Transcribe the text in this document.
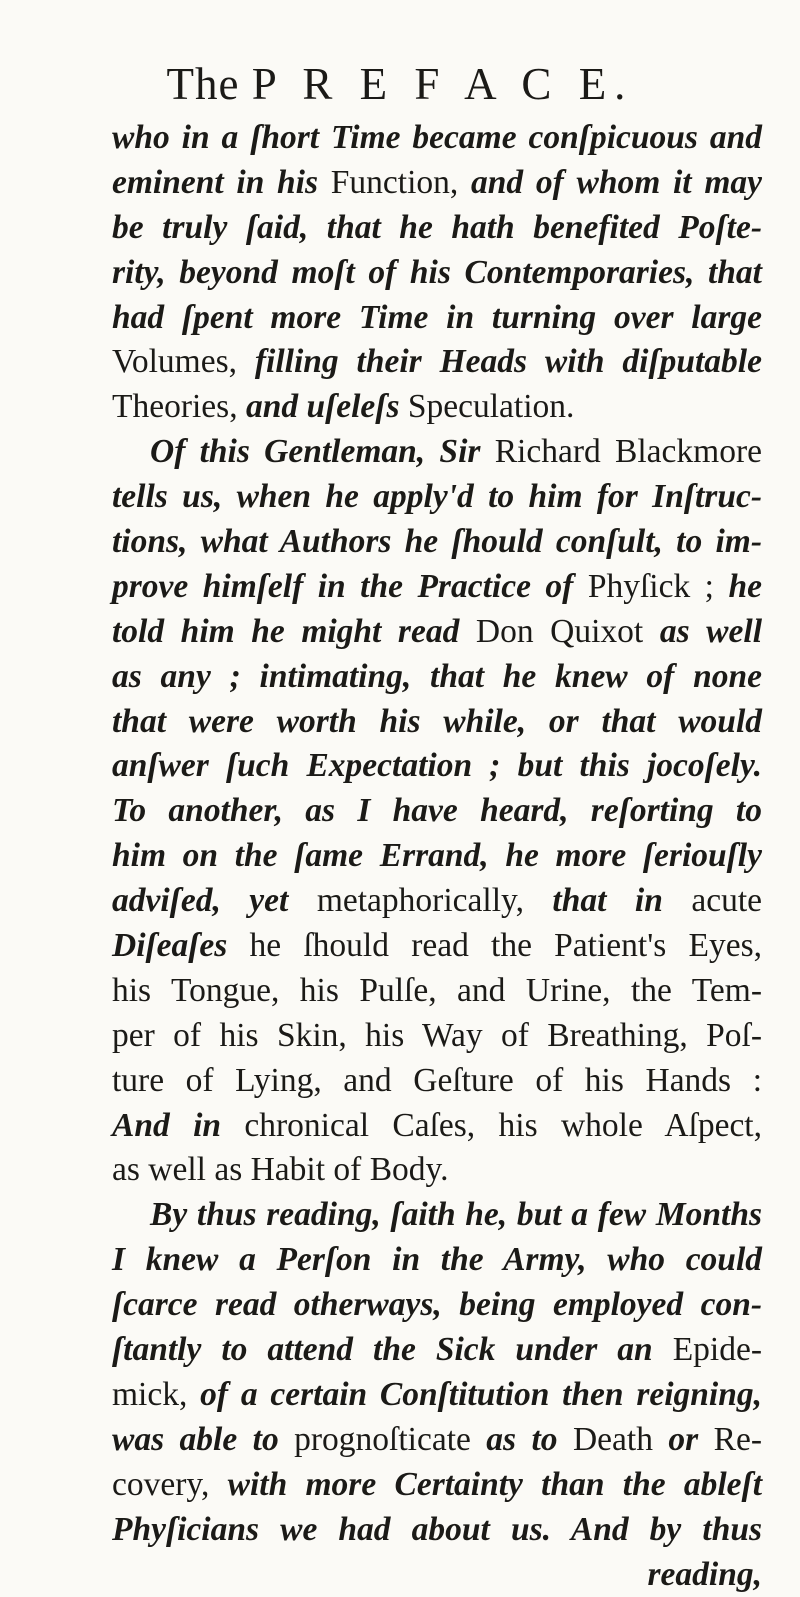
The P R E F A C E.
who in a ſhort Time became conſpicuous and
eminent in his Function, and of whom it may
be truly ſaid, that he hath benefited Poſte-
rity, beyond moſt of his Contemporaries, that
had ſpent more Time in turning over large
Volumes, filling their Heads with diſputable
Theories, and uſeleſs Speculation.
Of this Gentleman, Sir Richard Blackmore
tells us, when he apply'd to him for Inſtruc-
tions, what Authors he ſhould conſult, to im-
prove himſelf in the Practice of Phyſick ; he
told him he might read Don Quixot as well
as any ; intimating, that he knew of none
that were worth his while, or that would
anſwer ſuch Expectation ; but this jocoſely.
To another, as I have heard, reſorting to
him on the ſame Errand, he more ſeriouſly
adviſed, yet metaphorically, that in acute
Diſeaſes he ſhould read the Patient's Eyes,
his Tongue, his Pulſe, and Urine, the Tem-
per of his Skin, his Way of Breathing, Poſ-
ture of Lying, and Geſture of his Hands :
And in chronical Caſes, his whole Aſpect,
as well as Habit of Body.
By thus reading, ſaith he, but a few Months
I knew a Perſon in the Army, who could
ſcarce read otherways, being employed con-
ſtantly to attend the Sick under an Epide-
mick, of a certain Conſtitution then reigning,
was able to prognoſticate as to Death or Re-
covery, with more Certainty than the ableſt
Phyſicians we had about us. And by thus
reading,
